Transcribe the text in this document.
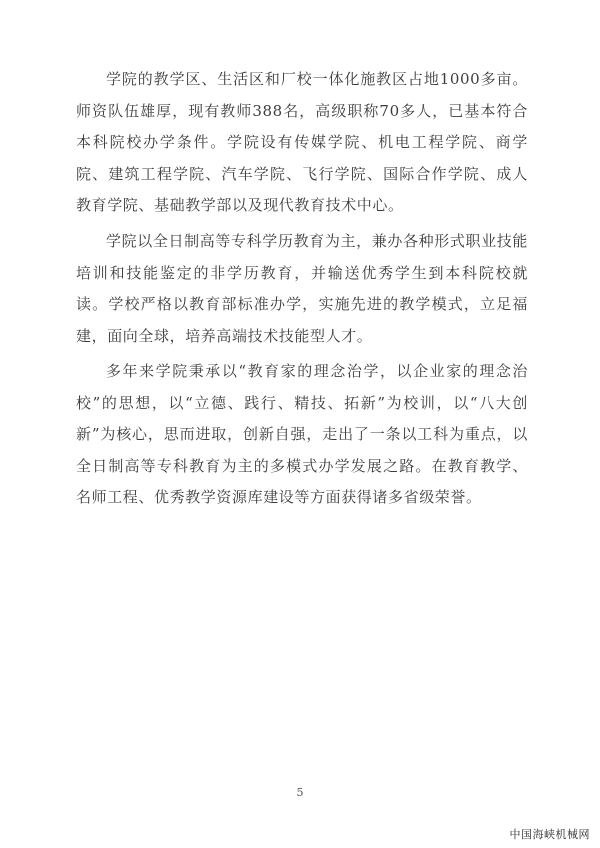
学院的教学区、生活区和厂校一体化施教区占地1000多亩。师资队伍雄厚，现有教师388名，高级职称70多人，已基本符合本科院校办学条件。学院设有传媒学院、机电工程学院、商学院、建筑工程学院、汽车学院、飞行学院、国际合作学院、成人教育学院、基础教学部以及现代教育技术中心。

学院以全日制高等专科学历教育为主，兼办各种形式职业技能培训和技能鉴定的非学历教育，并输送优秀学生到本科院校就读。学校严格以教育部标准办学，实施先进的教学模式，立足福建，面向全球，培养高端技术技能型人才。

多年来学院秉承以“教育家的理念治学，以企业家的理念治校”的思想，以“立德、践行、精技、拓新”为校训，以“八大创新”为核心，思而进取，创新自强，走出了一条以工科为重点，以全日制高等专科教育为主的多模式办学发展之路。在教育教学、名师工程、优秀教学资源库建设等方面获得诸多省级荣誉。

5
中国海峡机械网
